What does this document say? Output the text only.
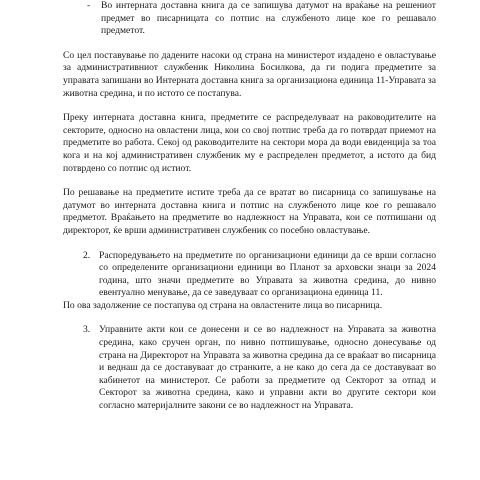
- Во интерната доставна книга да се запишува датумот на враќање на решениот предмет во писарницата со потпис на службеното лице кое го решавало предметот.

Со цел поставување по дадените насоки од страна на министерот издадено е овластување за административниот службеник Николина Босилкова, да ги подига предметите за управата запишани во Интерната доставна книга за организациона единица 11-Управата за животна средина, и по истото се постапува.

Преку интерната доставна книга, предметите се распределуваат на раководителите на секторите, односно на овластени лица, кои со свој потпис треба да го потврдат приемот на предметите во работа. Секој од раководителите на сектори мора да води евиденција за тоа кога и на кој административен службеник му е распределен предметот, а истото да бид потврдено со потпис од истиот.

По решавање на предметите истите треба да се вратат во писарница со запишување на датумот во интерната доставна книга и потпис на службеното лице кое го решавало предметот. Враќањето на предметите во надлежност на Управата, кои се потпишани од директорот, ќе врши административен службеник со посебно овластување.

2. Распоредувањето на предметите по организациони единици да се врши согласно со определените организациони единици во Планот за архoвски знаци за 2024 година, што значи предметите во Управата за животна средина, до нивно евентуално менување, да се заведуваат со организациона единица 11.

По ова задолжение се постапува од страна на овластените лица во писарница.

3. Управните акти кои се донесени и се во надлежност на Управата за животна средина, како сручен орган, по нивно потпишување, односно донесување од страна на Директорот на Управата за животна средина да се враќаат во писарница и веднаш да се доставуваат до странките, а не како до сега да се доставуваат во кабинетот на министерот. Се работи за предметите од Секторот за отпад и Секторот за животна средина, како и управни акти во другите сектори кои согласно материјалните закони се во надлежност на Управата.
